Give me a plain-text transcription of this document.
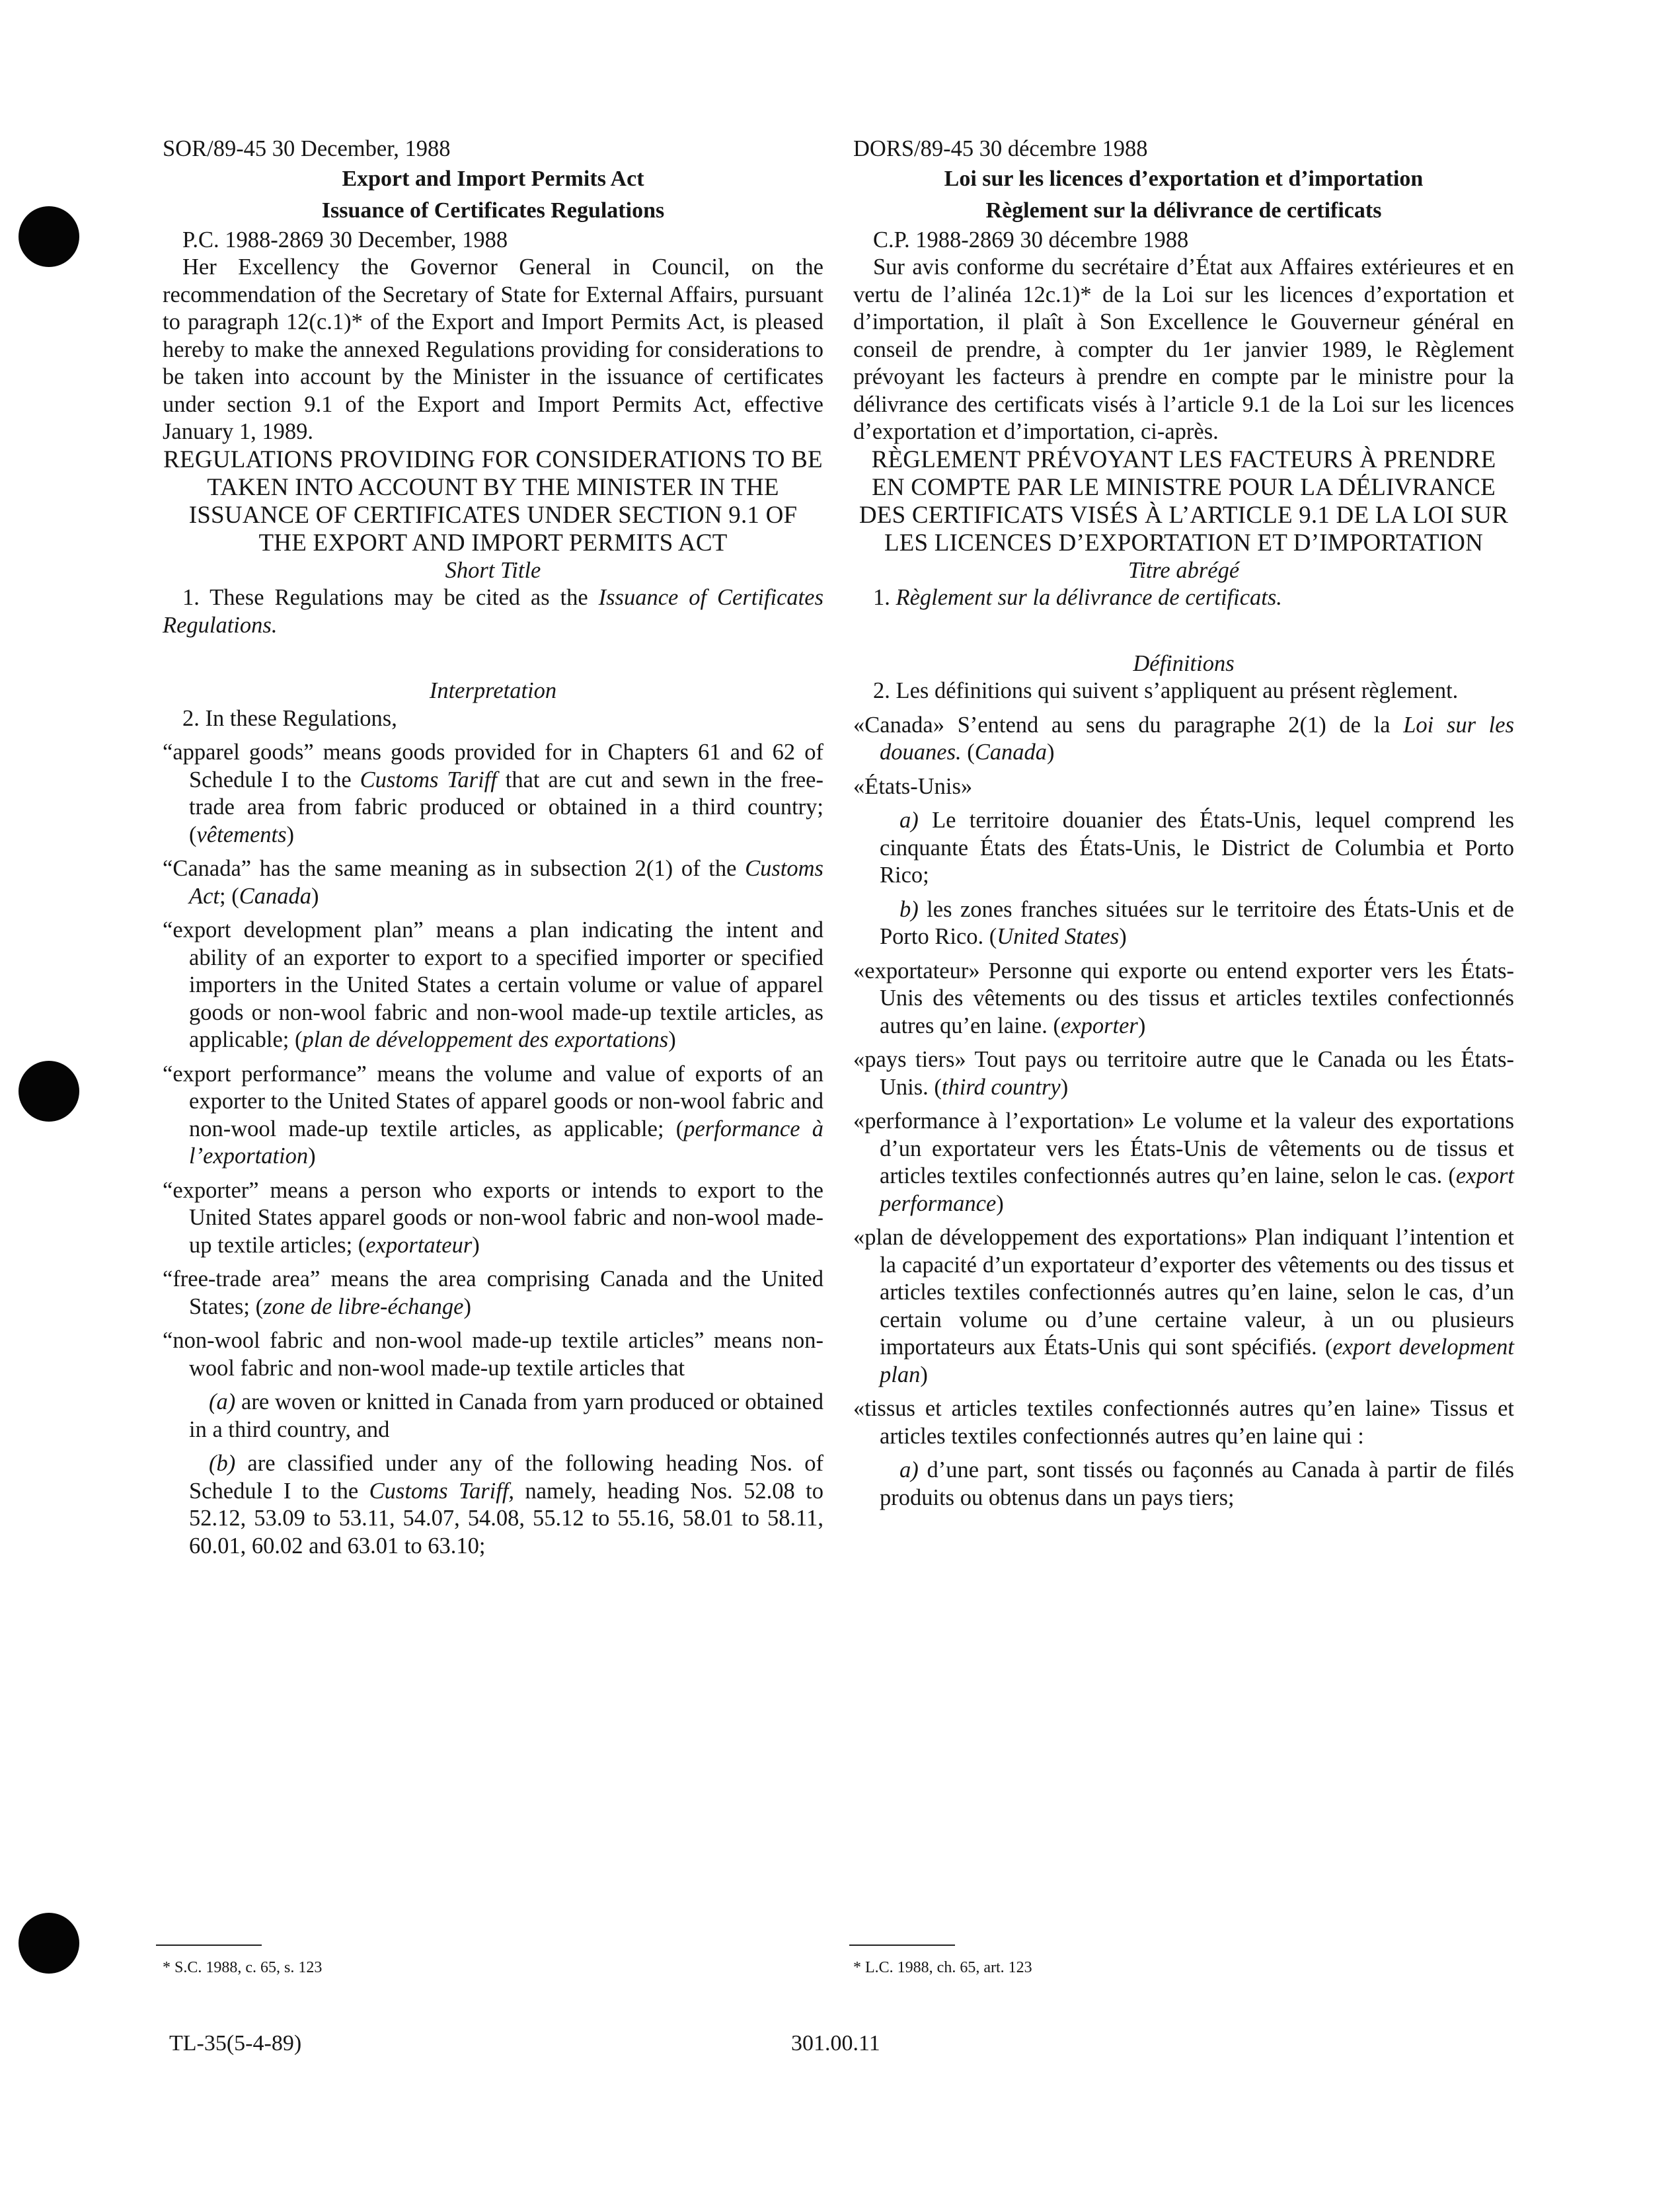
SOR/89-45 30 December, 1988

Export and Import Permits Act

Issuance of Certificates Regulations

P.C. 1988-2869 30 December, 1988

Her Excellency the Governor General in Council, on the recommendation of the Secretary of State for External Affairs, pursuant to paragraph 12(c.1)* of the Export and Import Permits Act, is pleased hereby to make the annexed Regulations providing for considerations to be taken into account by the Minister in the issuance of certificates under section 9.1 of the Export and Import Permits Act, effective January 1, 1989.

REGULATIONS PROVIDING FOR CONSIDERATIONS TO BE TAKEN INTO ACCOUNT BY THE MINISTER IN THE ISSUANCE OF CERTIFICATES UNDER SECTION 9.1 OF THE EXPORT AND IMPORT PERMITS ACT

Short Title

1. These Regulations may be cited as the Issuance of Certificates Regulations.

Interpretation

2. In these Regulations,

“apparel goods” means goods provided for in Chapters 61 and 62 of Schedule I to the Customs Tariff that are cut and sewn in the free-trade area from fabric produced or obtained in a third country; (vêtements)

“Canada” has the same meaning as in subsection 2(1) of the Customs Act; (Canada)

“export development plan” means a plan indicating the intent and ability of an exporter to export to a specified importer or specified importers in the United States a certain volume or value of apparel goods or non-wool fabric and non-wool made-up textile articles, as applicable; (plan de développement des exportations)

“export performance” means the volume and value of exports of an exporter to the United States of apparel goods or non-wool fabric and non-wool made-up textile articles, as applicable; (performance à l’exportation)

“exporter” means a person who exports or intends to export to the United States apparel goods or non-wool fabric and non-wool made-up textile articles; (exportateur)

“free-trade area” means the area comprising Canada and the United States; (zone de libre-échange)

“non-wool fabric and non-wool made-up textile articles” means non-wool fabric and non-wool made-up textile articles that

(a) are woven or knitted in Canada from yarn produced or obtained in a third country, and

(b) are classified under any of the following heading Nos. of Schedule I to the Customs Tariff, namely, heading Nos. 52.08 to 52.12, 53.09 to 53.11, 54.07, 54.08, 55.12 to 55.16, 58.01 to 58.11, 60.01, 60.02 and 63.01 to 63.10;

DORS/89-45 30 décembre 1988

Loi sur les licences d’exportation et d’importation

Règlement sur la délivrance de certificats

C.P. 1988-2869 30 décembre 1988

Sur avis conforme du secrétaire d’État aux Affaires extérieures et en vertu de l’alinéa 12c.1)* de la Loi sur les licences d’exportation et d’importation, il plaît à Son Excellence le Gouverneur général en conseil de prendre, à compter du 1er janvier 1989, le Règlement prévoyant les facteurs à prendre en compte par le ministre pour la délivrance des certificats visés à l’article 9.1 de la Loi sur les licences d’exportation et d’importation, ci-après.

RÈGLEMENT PRÉVOYANT LES FACTEURS À PRENDRE EN COMPTE PAR LE MINISTRE POUR LA DÉLIVRANCE DES CERTIFICATS VISÉS À L’ARTICLE 9.1 DE LA LOI SUR LES LICENCES D’EXPORTATION ET D’IMPORTATION

Titre abrégé

1. Règlement sur la délivrance de certificats.

Définitions

2. Les définitions qui suivent s’appliquent au présent règlement.

«Canada» S’entend au sens du paragraphe 2(1) de la Loi sur les douanes. (Canada)

«États-Unis»

a) Le territoire douanier des États-Unis, lequel comprend les cinquante États des États-Unis, le District de Columbia et Porto Rico;

b) les zones franches situées sur le territoire des États-Unis et de Porto Rico. (United States)

«exportateur» Personne qui exporte ou entend exporter vers les États-Unis des vêtements ou des tissus et articles textiles confectionnés autres qu’en laine. (exporter)

«pays tiers» Tout pays ou territoire autre que le Canada ou les États-Unis. (third country)

«performance à l’exportation» Le volume et la valeur des exportations d’un exportateur vers les États-Unis de vêtements ou de tissus et articles textiles confectionnés autres qu’en laine, selon le cas. (export performance)

«plan de développement des exportations» Plan indiquant l’intention et la capacité d’un exportateur d’exporter des vêtements ou des tissus et articles textiles confectionnés autres qu’en laine, selon le cas, d’un certain volume ou d’une certaine valeur, à un ou plusieurs importateurs aux États-Unis qui sont spécifiés. (export development plan)

«tissus et articles textiles confectionnés autres qu’en laine» Tissus et articles textiles confectionnés autres qu’en laine qui :

a) d’une part, sont tissés ou façonnés au Canada à partir de filés produits ou obtenus dans un pays tiers;

* S.C. 1988, c. 65, s. 123	* L.C. 1988, ch. 65, art. 123
TL-35(5-4-89)	301.00.11
